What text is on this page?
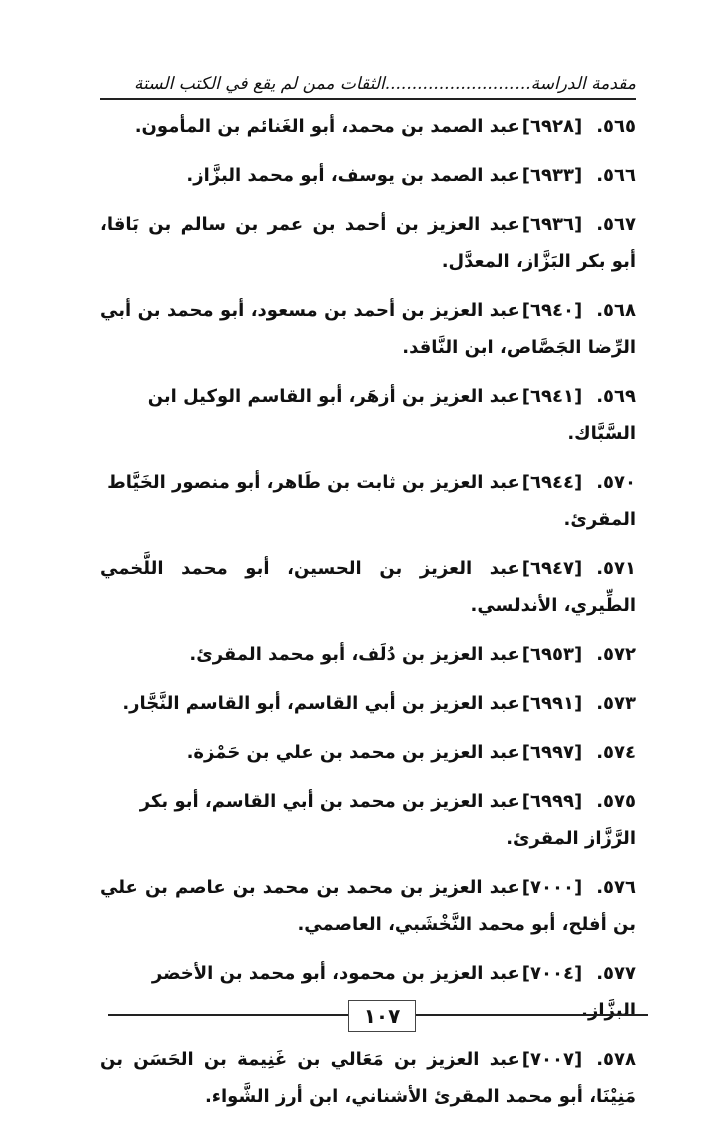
مقدمة الدراسة...........................الثقات ممن لم يقع في الكتب الستة
٥٦٥.[٦٩٢٨]عبد الصمد بن محمد، أبو الغَنائم بن المأمون.
٥٦٦.[٦٩٣٣]عبد الصمد بن يوسف، أبو محمد البزَّاز.
٥٦٧.[٦٩٣٦]عبد العزيز بن أحمد بن عمر بن سالم بن بَاقا، أبو بكر البَزَّاز، المعدَّل.
٥٦٨.[٦٩٤٠]عبد العزيز بن أحمد بن مسعود، أبو محمد بن أبي الرِّضا الجَصَّاص، ابن النَّاقد.
٥٦٩.[٦٩٤١]عبد العزيز بن أزهَر، أبو القاسم الوكيل ابن السَّبَّاك.
٥٧٠.[٦٩٤٤]عبد العزيز بن ثابت بن طَاهر، أبو منصور الخَيَّاط المقرئ.
٥٧١.[٦٩٤٧]عبد العزيز بن الحسين، أبو محمد اللَّخمي الطِّيري، الأندلسي.
٥٧٢.[٦٩٥٣]عبد العزيز بن دُلَف، أبو محمد المقرئ.
٥٧٣.[٦٩٩١]عبد العزيز بن أبي القاسم، أبو القاسم النَّجَّار.
٥٧٤.[٦٩٩٧]عبد العزيز بن محمد بن علي بن حَمْزة.
٥٧٥.[٦٩٩٩]عبد العزيز بن محمد بن أبي القاسم، أبو بكر الرَّزَّاز المقرئ.
٥٧٦.[٧٠٠٠]عبد العزيز بن محمد بن محمد بن عاصم بن علي بن أفلح، أبو محمد النَّخْشَبي، العاصمي.
٥٧٧.[٧٠٠٤]عبد العزيز بن محمود، أبو محمد بن الأخضر البزَّاز.
٥٧٨.[٧٠٠٧]عبد العزيز بن مَعَالي بن غَنِيمة بن الحَسَن بن مَنِيْنَا، أبو محمد المقرئ الأشناني، ابن أرز الشَّواء.
١٠٧
